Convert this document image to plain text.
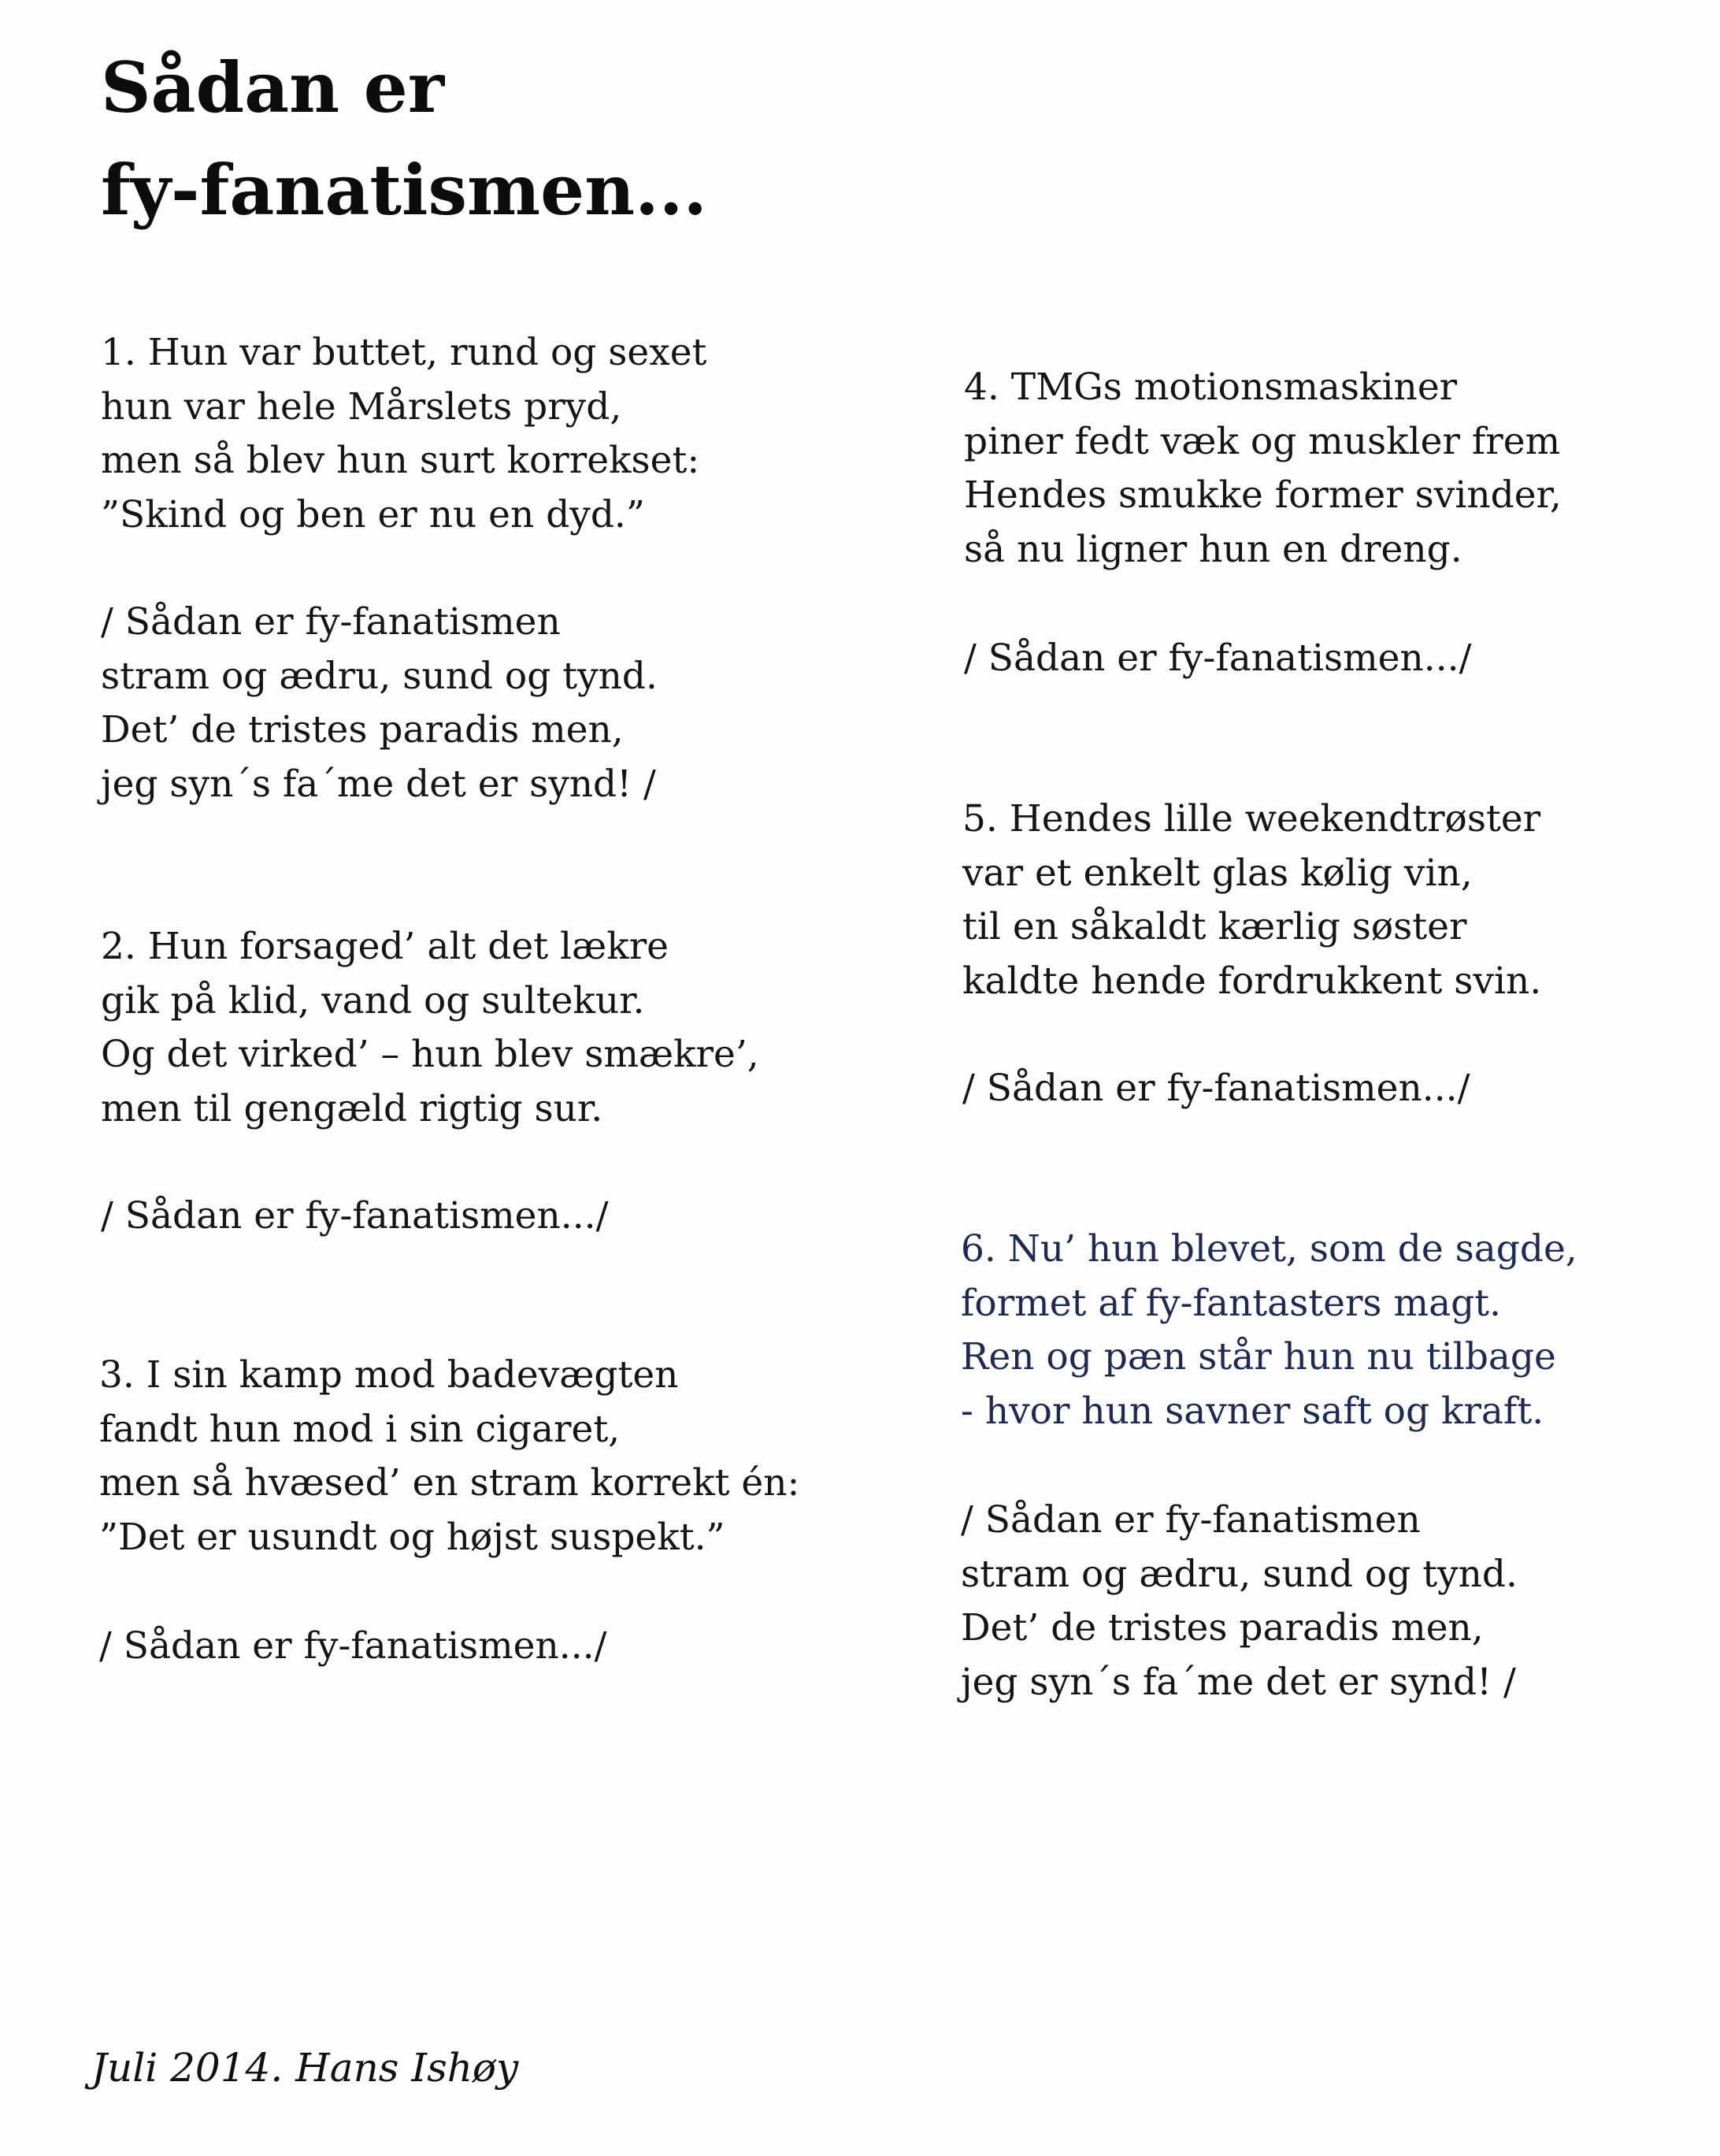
Sådan er
fy-fanatismen...
1. Hun var buttet, rund og sexet
hun var hele Mårslets pryd,
men så blev hun surt korrekset:
”Skind og ben er nu en dyd.”
/ Sådan er fy-fanatismen
stram og ædru, sund og tynd.
Det’ de tristes paradis men,
jeg syn´s fa´me det er synd! /
2. Hun forsaged’ alt det lækre
gik på klid, vand og sultekur.
Og det virked’ – hun blev smækre’,
men til gengæld rigtig sur.
/ Sådan er fy-fanatismen.../
3. I sin kamp mod badevægten
fandt hun mod i sin cigaret,
men så hvæsed’ en stram korrekt én:
”Det er usundt og højst suspekt.”
/ Sådan er fy-fanatismen.../
4. TMGs motionsmaskiner
piner fedt væk og muskler frem
Hendes smukke former svinder,
så nu ligner hun en dreng.
/ Sådan er fy-fanatismen.../
5. Hendes lille weekendtrøster
var et enkelt glas kølig vin,
til en såkaldt kærlig søster
kaldte hende fordrukkent svin.
/ Sådan er fy-fanatismen.../
6. Nu’ hun blevet, som de sagde,
formet af fy-fantasters magt.
Ren og pæn står hun nu tilbage
- hvor hun savner saft og kraft.
/ Sådan er fy-fanatismen
stram og ædru, sund og tynd.
Det’ de tristes paradis men,
jeg syn´s fa´me det er synd! /
Juli 2014. Hans Ishøy
